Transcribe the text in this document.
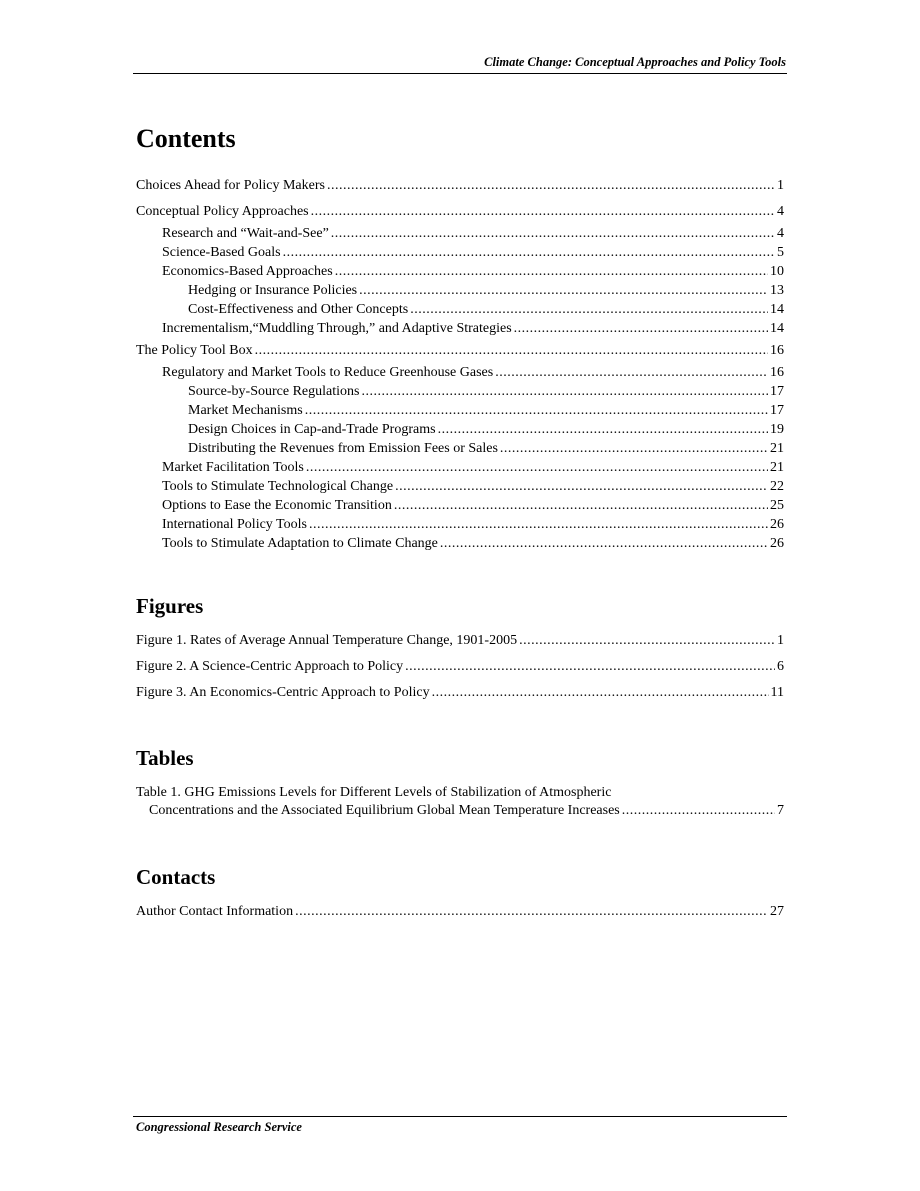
Climate Change: Conceptual Approaches and Policy Tools
Contents
Choices Ahead for Policy Makers . . .	1
Conceptual Policy Approaches . . .	4
Research and “Wait-and-See” . . .	4
Science-Based Goals . . .	5
Economics-Based Approaches . . .	10
Hedging or Insurance Policies . . .	13
Cost-Effectiveness and Other Concepts . . .	14
Incrementalism,“Muddling Through,” and Adaptive Strategies . . .	14
The Policy Tool Box . . .	16
Regulatory and Market Tools to Reduce Greenhouse Gases . . .	16
Source-by-Source Regulations . . .	17
Market Mechanisms . . .	17
Design Choices in Cap-and-Trade Programs . . .	19
Distributing the Revenues from Emission Fees or Sales . . .	21
Market Facilitation Tools . . .	21
Tools to Stimulate Technological Change . . .	22
Options to Ease the Economic Transition . . .	25
International Policy Tools . . .	26
Tools to Stimulate Adaptation to Climate Change . . .	26
Figures
Figure 1. Rates of Average Annual Temperature Change, 1901-2005 . . .	1
Figure 2. A Science-Centric Approach to Policy . . .	6
Figure 3. An Economics-Centric Approach to Policy . . .	11
Tables
Table 1. GHG Emissions Levels for Different Levels of Stabilization of Atmospheric
Concentrations and the Associated Equilibrium Global Mean Temperature Increases . . .	7
Contacts
Author Contact Information . . .	27
Congressional Research Service
